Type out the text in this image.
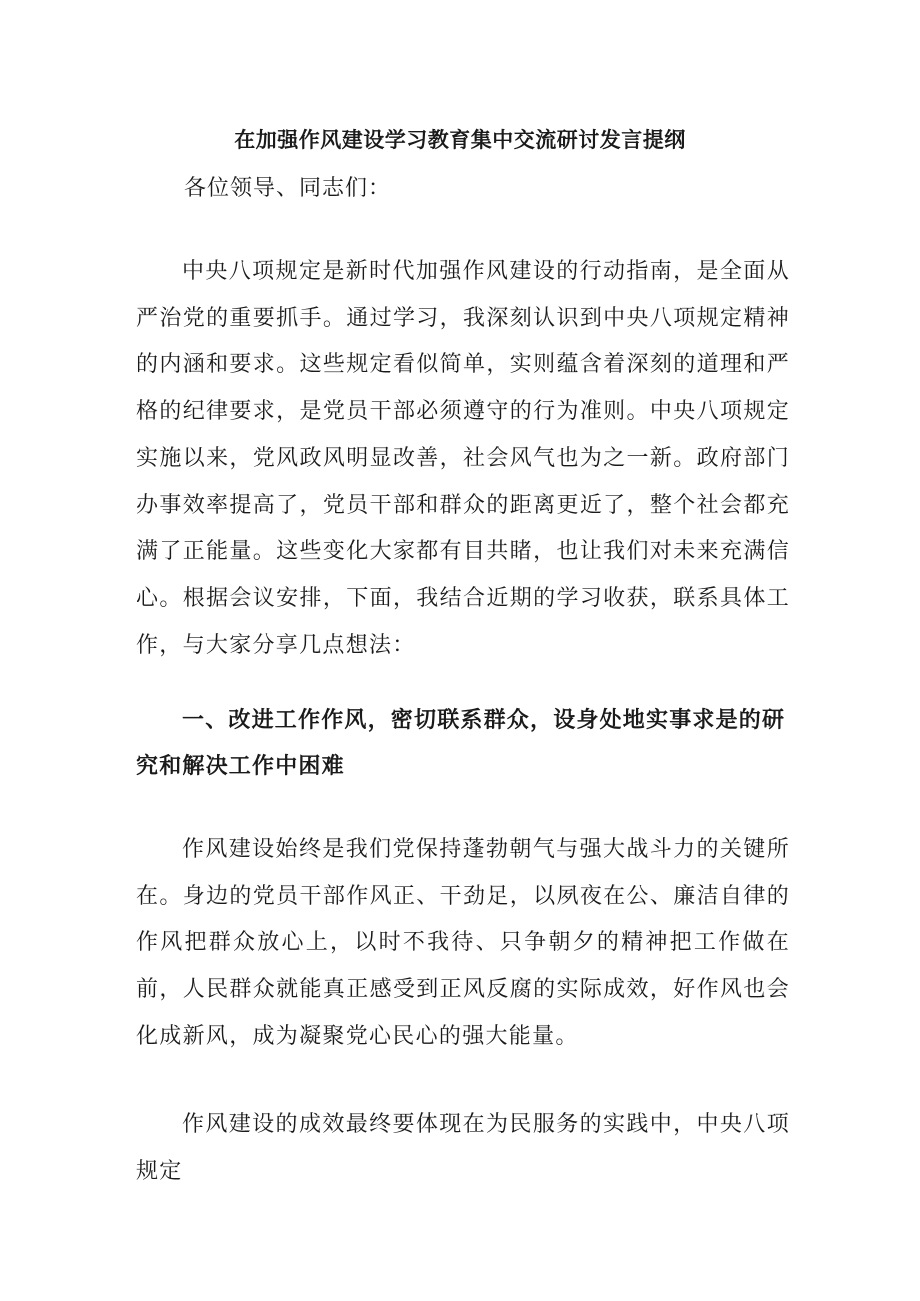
在加强作风建设学习教育集中交流研讨发言提纲
各位领导、同志们：

中央八项规定是新时代加强作风建设的行动指南，是全面从严治党的重要抓手。通过学习，我深刻认识到中央八项规定精神的内涵和要求。这些规定看似简单，实则蕴含着深刻的道理和严格的纪律要求，是党员干部必须遵守的行为准则。中央八项规定实施以来，党风政风明显改善，社会风气也为之一新。政府部门办事效率提高了，党员干部和群众的距离更近了，整个社会都充满了正能量。这些变化大家都有目共睹，也让我们对未来充满信心。根据会议安排，下面，我结合近期的学习收获，联系具体工作，与大家分享几点想法：

一、改进工作作风，密切联系群众，设身处地实事求是的研究和解决工作中困难

作风建设始终是我们党保持蓬勃朝气与强大战斗力的关键所在。身边的党员干部作风正、干劲足，以夙夜在公、廉洁自律的作风把群众放心上，以时不我待、只争朝夕的精神把工作做在前，人民群众就能真正感受到正风反腐的实际成效，好作风也会化成新风，成为凝聚党心民心的强大能量。

作风建设的成效最终要体现在为民服务的实践中，中央八项规定
